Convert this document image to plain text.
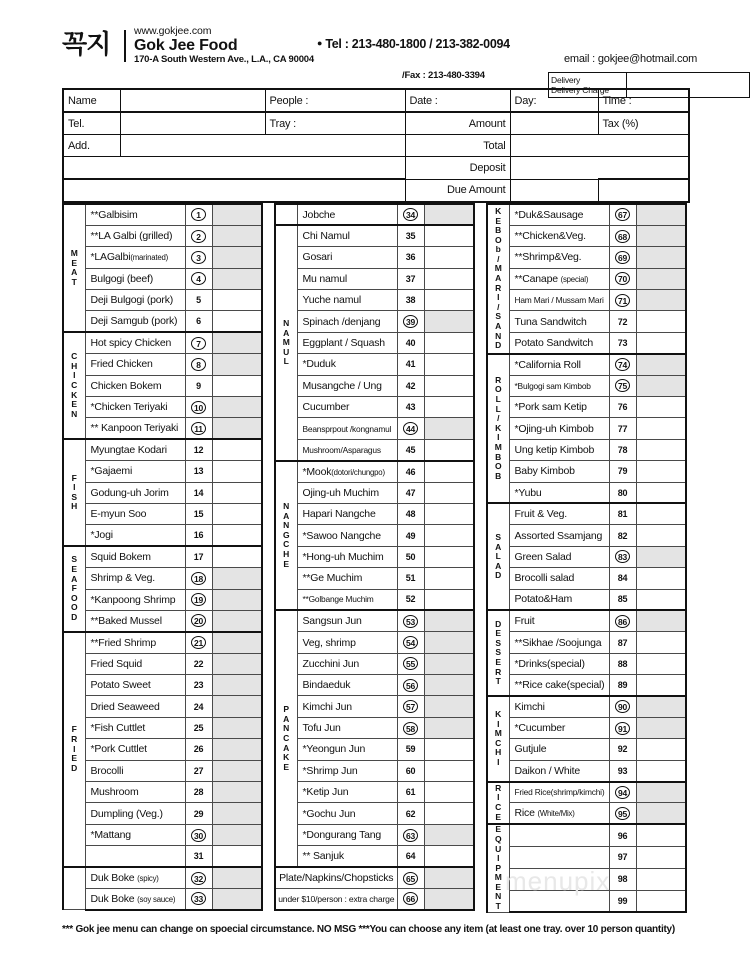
꼭지 www.gokjee.com
Gok Jee Food
170-A South Western Ave., L.A., CA 90004
● Tel : 213-480-1800 / 213-382-0094
/Fax : 213-480-3394
email : gokjee@hotmail.com
Delivery
Delivery Charge
Name		People :	Date :	Day:	Time :
Tel.		Tray :	Amount		Tax (%)
Add.			Total		
			Deposit		
			Due Amount		
M
E
A
T	**Galbisim	1	
	**LA Galbi (grilled)	2	
	*LAGalbi(marinated)	3	
	Bulgogi (beef)	4	
	Deji Bulgogi (pork)	5	
	Deji Samgub (pork)	6	

C
H
I
C
K
E
N
	Hot spicy Chicken	7	
	Fried Chicken	8	
	Chicken Bokem	9	
	*Chicken Teriyaki	10	
	** Kanpoon Teriyaki	11	

F
I
S
H	Myungtae Kodari	12	
	*Gajaemi	13	
	Godung-uh Jorim	14	
	E-myun Soo	15	
	*Jogi	16	

S
E
A
F
O
O
D
	Squid Bokem	17	
	Shrimp & Veg.	18	
	*Kanpoong Shrimp	19	
	**Baked Mussel	20	

F
R
I
E
D	**Fried Shrimp	21	
	Fried Squid	22	
	Potato Sweet	23	
	Dried Seaweed	24	
	*Fish Cuttlet	25	
	*Pork Cuttlet	26	
	Brocolli	27	
	Mushroom	28	
	Dumpling (Veg.)	29	
	*Mattang	30	
		31	

	Duk Boke (spicy)	32	
	Duk Boke (soy sauce)	33	
	Jobche	34	

N
A
M
U
L	Chi Namul	35	
	Gosari	36	
	Mu namul	37	
	Yuche namul	38	
	Spinach /denjang	39	
	Eggplant / Squash	40	
	*Duduk	41	
	Musangche / Ung	42	
	Cucumber	43	
	Beansprpout /kongnamul	44	
	Mushroom/Asparagus	45	

N
A
N
G
C
H
E
	*Mook(dotori/chungpo)	46	
	Ojing-uh Muchim	47	
	Hapari Nangche	48	
	*Sawoo Nangche	49	
	*Hong-uh Muchim	50	
	**Ge Muchim	51	
	**Golbange Muchim	52	

P
A
N
C
A
K
E
	Sangsun Jun	53	
	Veg, shrimp	54	
	Zucchini Jun	55	
	Bindaeduk	56	
	Kimchi Jun	57	
	Tofu Jun	58	
	*Yeongun Jun	59	
	*Shrimp Jun	60	
	*Ketip Jun	61	
	*Gochu Jun	62	
	*Dongurang Tang	63	
	** Sanjuk	64	
Plate/Napkins/Chopsticks		65	
under $10/person : extra charge		66	
K
E
B
O
b
/
M
A
R
I
/
S
A
N
D
	*Duk&Sausage	67	
	**Chicken&Veg.	68	
	**Shrimp&Veg.	69	
	**Canape (special)	70	
	Ham Mari / Mussam Mari	71	
	Tuna Sandwitch	72	
	Potato Sandwitch	73	

R
O
L
L
/
K
I
M
B
O
B
	*California Roll	74	
	*Bulgogi sam Kimbob	75	
	*Pork sam Ketip	76	
	*Ojing-uh Kimbob	77	
	Ung ketip Kimbob	78	
	Baby Kimbob	79	
	*Yubu	80	

S
A
L
A
D	Fruit & Veg.	81	
	Assorted Ssamjang	82	
	Green Salad	83	
	Brocolli salad	84	
	Potato&Ham	85	

D
E
S
S
E
R
T
	Fruit	86	
	**Sikhae /Soojunga	87	
	*Drinks(special)	88	
	**Rice cake(special)	89	

K
I
M
C
H
I
	Kimchi	90	
	*Cucumber	91	
	Gutjule	92	
	Daikon / White	93	

R
I
C
E	Fried Rice(shrimp/kimchi)	94	
	Rice (White/Mix)	95	

E
Q
U
I
P
M
E
N
T
		96	
		97	
		98	
		99	
menupix
*** Gok jee menu can change on spoecial circumstance. NO MSG ***You can choose any item (at least one tray. over 10 person quantity)
